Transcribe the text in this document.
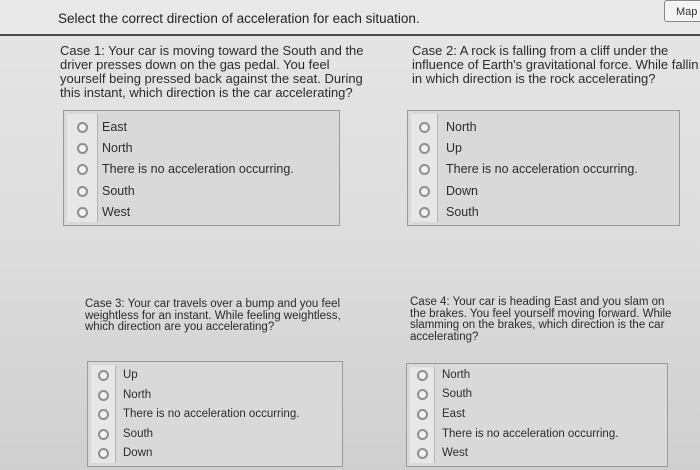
Select the correct direction of acceleration for each situation.	Map
Case 1: Your car is moving toward the South and the
driver presses down on the gas pedal. You feel
yourself being pressed back against the seat. During
this instant, which direction is the car accelerating?
East
North
There is no acceleration occurring.
South
West
Case 2: A rock is falling from a cliff under the
influence of Earth's gravitational force. While fallin
in which direction is the rock accelerating?
North
Up
There is no acceleration occurring.
Down
South
Case 3: Your car travels over a bump and you feel
weightless for an instant. While feeling weightless,
which direction are you accelerating?
Up
North
There is no acceleration occurring.
South
Down
Case 4: Your car is heading East and you slam on
the brakes. You feel yourself moving forward. While
slamming on the brakes, which direction is the car
accelerating?
North
South
East
There is no acceleration occurring.
West
